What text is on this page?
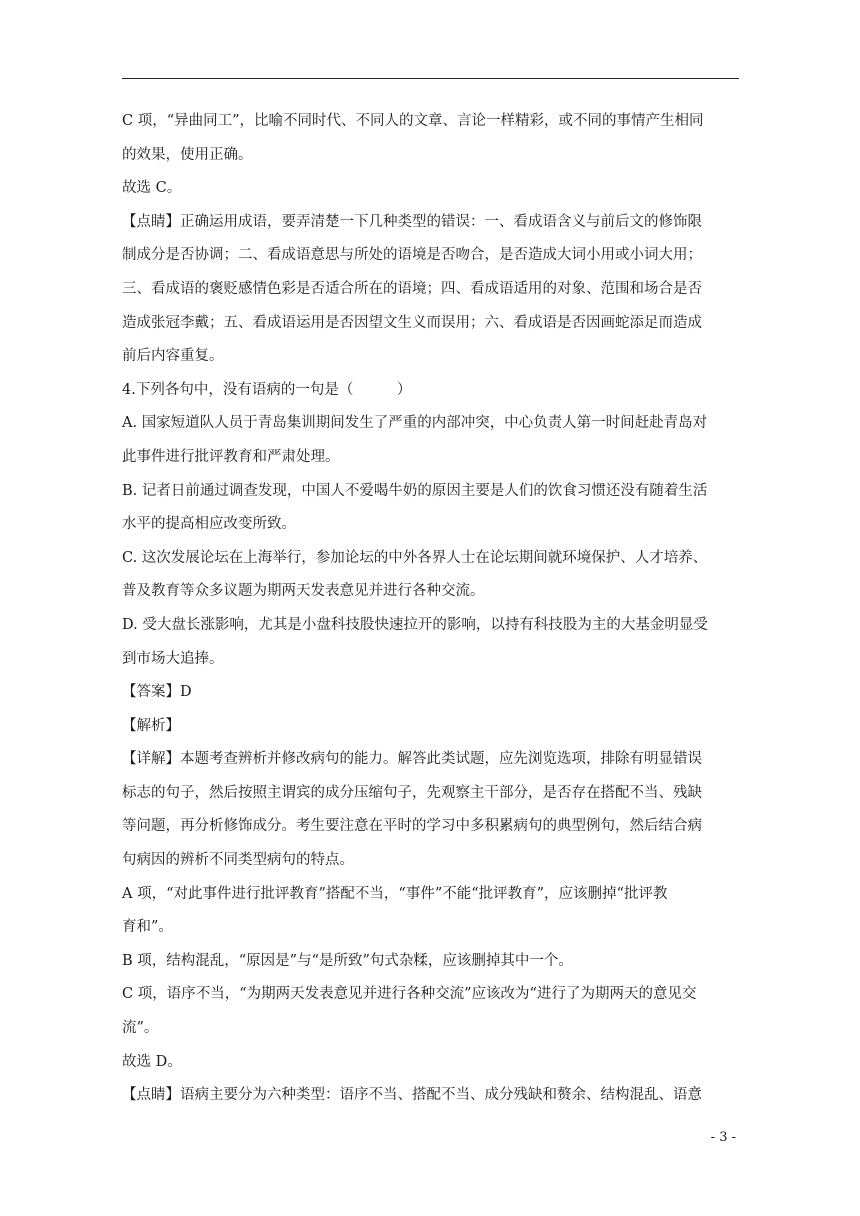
C 项，“异曲同工”，比喻不同时代、不同人的文章、言论一样精彩，或不同的事情产生相同
的效果，使用正确。
故选 C。
【点睛】正确运用成语，要弄清楚一下几种类型的错误：一、看成语含义与前后文的修饰限
制成分是否协调；二、看成语意思与所处的语境是否吻合，是否造成大词小用或小词大用；
三、看成语的褒贬感情色彩是否适合所在的语境；四、看成语适用的对象、范围和场合是否
造成张冠李戴；五、看成语运用是否因望文生义而误用；六、看成语是否因画蛇添足而造成
前后内容重复。
4.下列各句中，没有语病的一句是（　　　）
A. 国家短道队人员于青岛集训期间发生了严重的内部冲突，中心负责人第一时间赶赴青岛对
此事件进行批评教育和严肃处理。
B. 记者日前通过调查发现，中国人不爱喝牛奶的原因主要是人们的饮食习惯还没有随着生活
水平的提高相应改变所致。
C. 这次发展论坛在上海举行，参加论坛的中外各界人士在论坛期间就环境保护、人才培养、
普及教育等众多议题为期两天发表意见并进行各种交流。
D. 受大盘长涨影响，尤其是小盘科技股快速拉开的影响，以持有科技股为主的大基金明显受
到市场大追捧。
【答案】D
【解析】
【详解】本题考查辨析并修改病句的能力。解答此类试题，应先浏览选项，排除有明显错误
标志的句子，然后按照主谓宾的成分压缩句子，先观察主干部分，是否存在搭配不当、残缺
等问题，再分析修饰成分。考生要注意在平时的学习中多积累病句的典型例句，然后结合病
句病因的辨析不同类型病句的特点。
A 项，“对此事件进行批评教育”搭配不当，“事件”不能“批评教育”，应该删掉“批评教
育和”。
B 项，结构混乱，“原因是”与“是所致”句式杂糅，应该删掉其中一个。
C 项，语序不当，“为期两天发表意见并进行各种交流”应该改为“进行了为期两天的意见交
流”。
故选 D。
【点睛】语病主要分为六种类型：语序不当、搭配不当、成分残缺和赘余、结构混乱、语意
- 3 -
